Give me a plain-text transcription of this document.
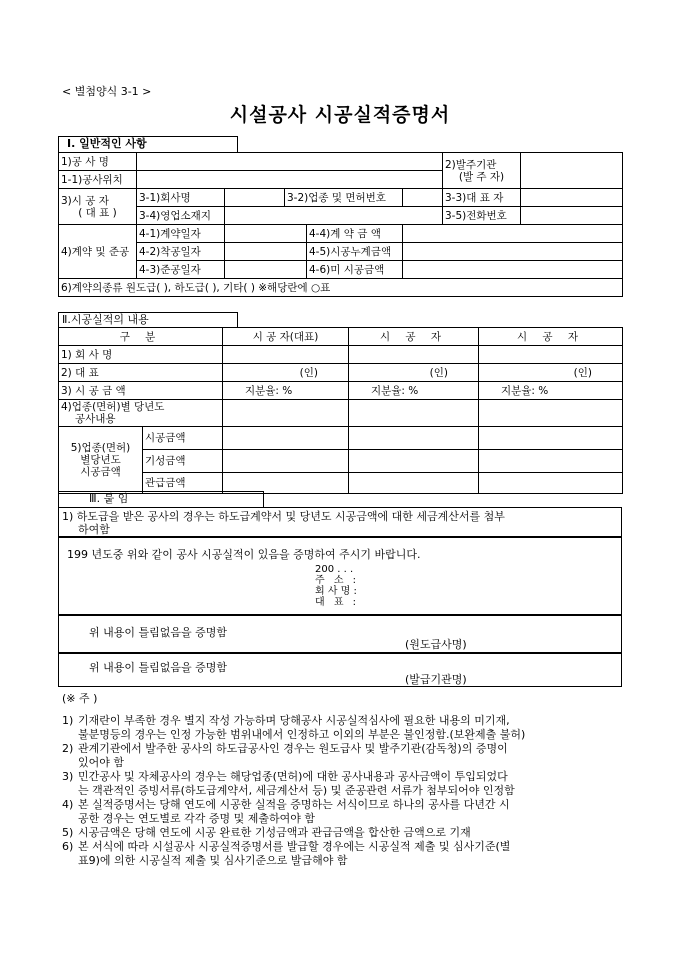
< 별첨양식 3-1 >
시설공사 시공실적증명서
Ⅰ. 일반적인 사항
1)공 사 명						2)발주기관
(발 주 자)	

1-1)공사위치							

3)시 공 자
( 대 표 )	3-1)회사명		3-2)업종 및 면허번호			3-3)대 표 자	
	3-4)영업소재지					3-5)전화번호	
4)계약 및 준공	4-1)계약일자			4-4)계 약 금 액			
	4-2)착공일자			4-5)시공누계금액			
	4-3)준공일자			4-6)미 시공금액			
6)계약의종류 원도급( ), 하도급( ), 기타( ) ※해당란에 ○표							
Ⅱ.시공실적의 내용
구 분		시 공 자(대표)	시 공 자	시 공 자
1) 회 사 명				
2) 대 표		(인)	(인)	(인)
3) 시 공 금 액		지분율: %	지분율: %	지분율: %

4)업종(면허)별 당년도
공사내용				

5)업종(면허)
별당년도
시공금액	시공금액			
	기성금액			
	관급금액			
Ⅲ. 붙 임
1) 하도급을 받은 공사의 경우는 하도급계약서 및 당년도 시공금액에 대한 세금계산서를 첨부
하여함
199 년도중 위와 같이 공사 시공실적이 있음을 증명하여 주시기 바랍니다.
200 . . .
주 소 :
회 사 명 :
대 표 :
위 내용이 틀림없음을 증명함
(원도급사명)
위 내용이 틀림없음을 증명함
(발급기관명)
(※ 주 )
1) 기재란이 부족한 경우 별지 작성 가능하며 당해공사 시공실적심사에 필요한 내용의 미기재,
불분명등의 경우는 인정 가능한 범위내에서 인정하고 이외의 부분은 불인정함.(보완제출 불허)
2) 관계기관에서 발주한 공사의 하도급공사인 경우는 원도급사 및 발주기관(감독청)의 증명이
있어야 함
3) 민간공사 및 자체공사의 경우는 해당업종(면허)에 대한 공사내용과 공사금액이 투입되었다
는 객관적인 증빙서류(하도급계약서, 세금계산서 등) 및 준공관련 서류가 첨부되어야 인정함
4) 본 실적증명서는 당해 연도에 시공한 실적을 증명하는 서식이므로 하나의 공사를 다년간 시
공한 경우는 연도별로 각각 증명 및 제출하여야 함
5) 시공금액은 당해 연도에 시공 완료한 기성금액과 관급금액을 합산한 금액으로 기재
6) 본 서식에 따라 시설공사 시공실적증명서를 발급할 경우에는 시공실적 제출 및 심사기준(별
표9)에 의한 시공실적 제출 및 심사기준으로 발급해야 함
